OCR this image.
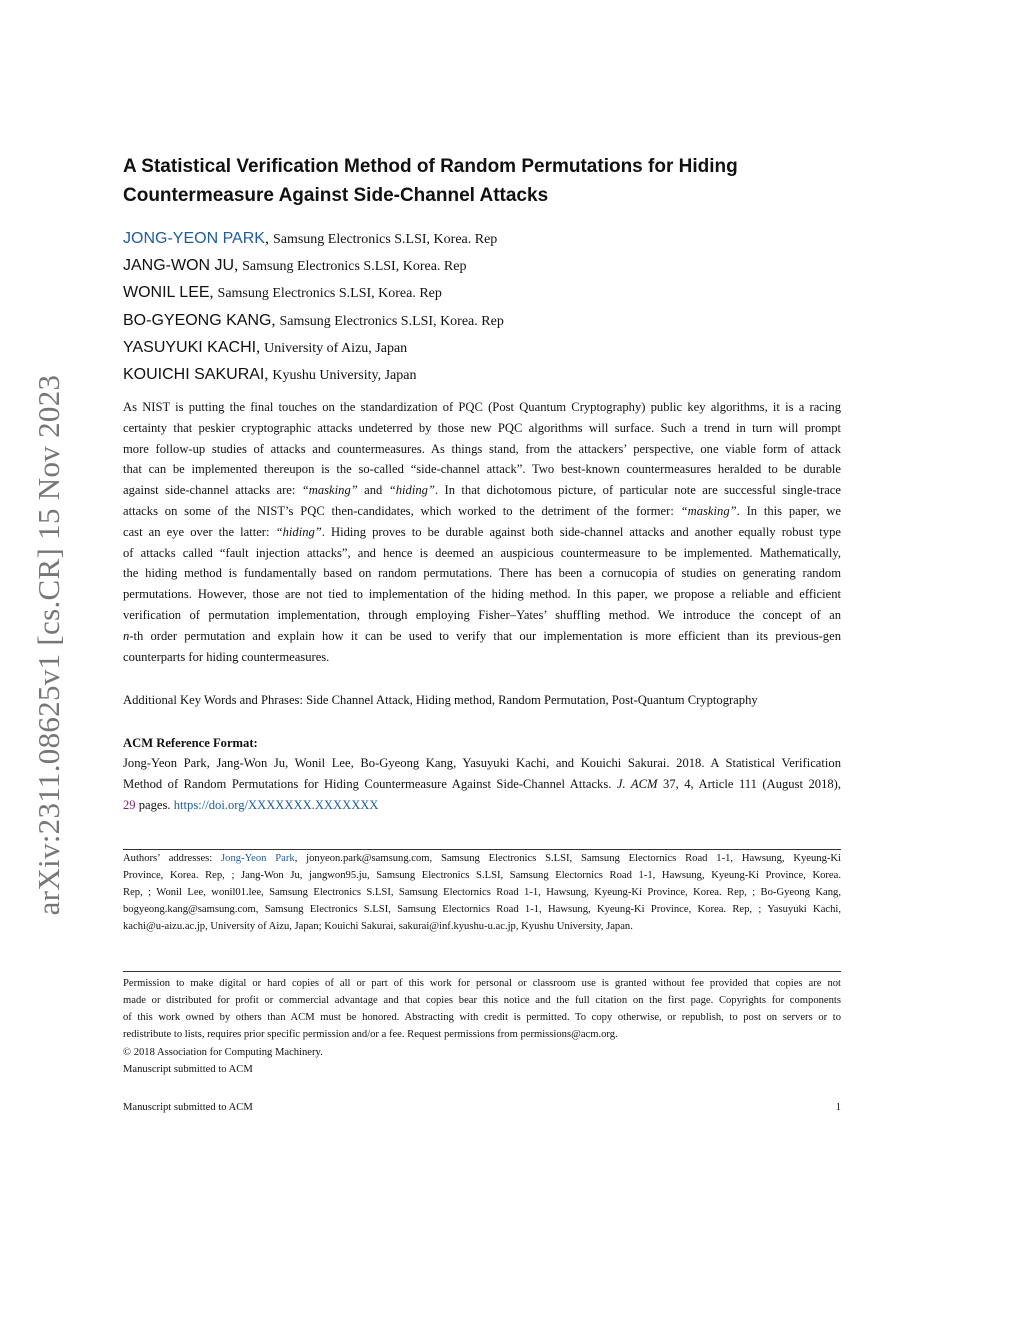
arXiv:2311.08625v1 [cs.CR] 15 Nov 2023
A Statistical Verification Method of Random Permutations for Hiding
Countermeasure Against Side-Channel Attacks
JONG-YEON PARK, Samsung Electronics S.LSI, Korea. Rep
JANG-WON JU, Samsung Electronics S.LSI, Korea. Rep
WONIL LEE, Samsung Electronics S.LSI, Korea. Rep
BO-GYEONG KANG, Samsung Electronics S.LSI, Korea. Rep
YASUYUKI KACHI, University of Aizu, Japan
KOUICHI SAKURAI, Kyushu University, Japan
As NIST is putting the final touches on the standardization of PQC (Post Quantum Cryptography) public key algorithms, it is a racing
certainty that peskier cryptographic attacks undeterred by those new PQC algorithms will surface. Such a trend in turn will prompt
more follow-up studies of attacks and countermeasures. As things stand, from the attackers’ perspective, one viable form of attack
that can be implemented thereupon is the so-called “side-channel attack”. Two best-known countermeasures heralded to be durable
against side-channel attacks are: “masking” and “hiding”. In that dichotomous picture, of particular note are successful single-trace
attacks on some of the NIST’s PQC then-candidates, which worked to the detriment of the former: “masking”. In this paper, we
cast an eye over the latter: “hiding”. Hiding proves to be durable against both side-channel attacks and another equally robust type
of attacks called “fault injection attacks”, and hence is deemed an auspicious countermeasure to be implemented. Mathematically,
the hiding method is fundamentally based on random permutations. There has been a cornucopia of studies on generating random
permutations. However, those are not tied to implementation of the hiding method. In this paper, we propose a reliable and efficient
verification of permutation implementation, through employing Fisher–Yates’ shuffling method. We introduce the concept of an
n-th order permutation and explain how it can be used to verify that our implementation is more efficient than its previous-gen
counterparts for hiding countermeasures.
Additional Key Words and Phrases: Side Channel Attack, Hiding method, Random Permutation, Post-Quantum Cryptography
ACM Reference Format:
Jong-Yeon Park, Jang-Won Ju, Wonil Lee, Bo-Gyeong Kang, Yasuyuki Kachi, and Kouichi Sakurai. 2018. A Statistical Verification
Method of Random Permutations for Hiding Countermeasure Against Side-Channel Attacks. J. ACM 37, 4, Article 111 (August 2018),
29 pages. https://doi.org/XXXXXXX.XXXXXXX
Authors’ addresses: Jong-Yeon Park, jonyeon.park@samsung.com, Samsung Electronics S.LSI, Samsung Electornics Road 1-1, Hawsung, Kyeung-Ki
Province, Korea. Rep, ; Jang-Won Ju, jangwon95.ju, Samsung Electronics S.LSI, Samsung Electornics Road 1-1, Hawsung, Kyeung-Ki Province, Korea.
Rep, ; Wonil Lee, wonil01.lee, Samsung Electronics S.LSI, Samsung Electornics Road 1-1, Hawsung, Kyeung-Ki Province, Korea. Rep, ; Bo-Gyeong Kang,
bogyeong.kang@samsung.com, Samsung Electronics S.LSI, Samsung Electornics Road 1-1, Hawsung, Kyeung-Ki Province, Korea. Rep, ; Yasuyuki Kachi,
kachi@u-aizu.ac.jp, University of Aizu, Japan; Kouichi Sakurai, sakurai@inf.kyushu-u.ac.jp, Kyushu University, Japan.
Permission to make digital or hard copies of all or part of this work for personal or classroom use is granted without fee provided that copies are not
made or distributed for profit or commercial advantage and that copies bear this notice and the full citation on the first page. Copyrights for components
of this work owned by others than ACM must be honored. Abstracting with credit is permitted. To copy otherwise, or republish, to post on servers or to
redistribute to lists, requires prior specific permission and/or a fee. Request permissions from permissions@acm.org.
© 2018 Association for Computing Machinery.
Manuscript submitted to ACM
Manuscript submitted to ACM	1
